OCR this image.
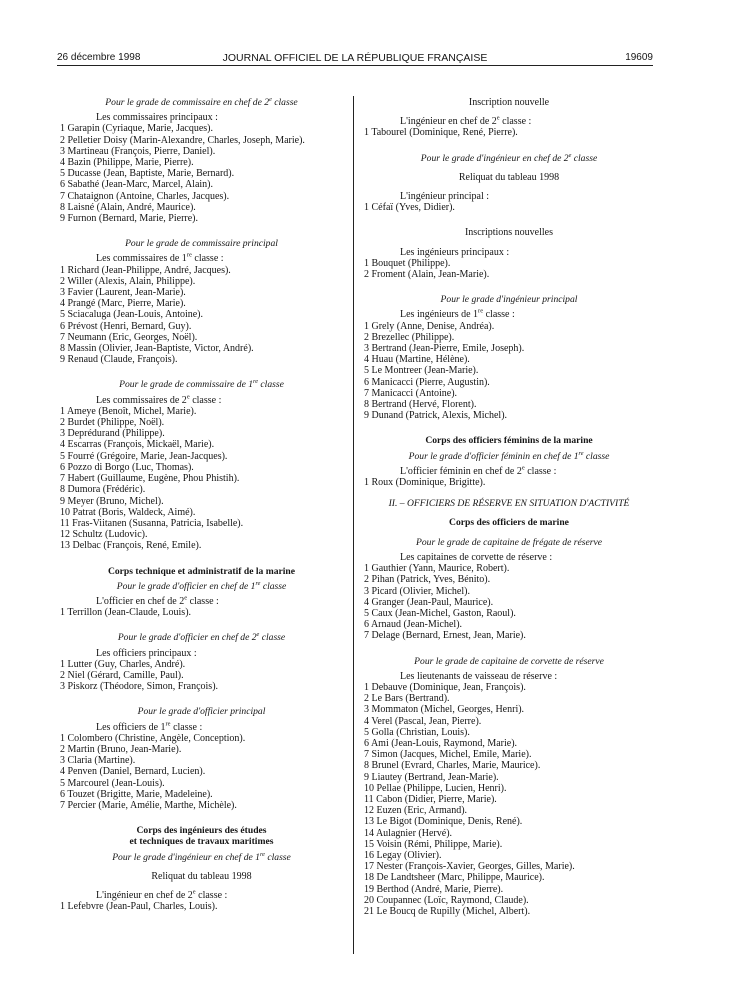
26 décembre 1998	JOURNAL OFFICIEL DE LA RÉPUBLIQUE FRANÇAISE	19609

Pour le grade de commissaire en chef de 2e classe

Les commissaires principaux :

1 Garapin (Cyriaque, Marie, Jacques).

2 Pelletier Doisy (Marin-Alexandre, Charles, Joseph, Marie).

3 Martineau (François, Pierre, Daniel).

4 Bazin (Philippe, Marie, Pierre).

5 Ducasse (Jean, Baptiste, Marie, Bernard).

6 Sabathé (Jean-Marc, Marcel, Alain).

7 Chataignon (Antoine, Charles, Jacques).

8 Laisné (Alain, André, Maurice).

9 Furnon (Bernard, Marie, Pierre).

Pour le grade de commissaire principal

Les commissaires de 1re classe :

1 Richard (Jean-Philippe, André, Jacques).

2 Willer (Alexis, Alain, Philippe).

3 Favier (Laurent, Jean-Marie).

4 Prangé (Marc, Pierre, Marie).

5 Sciacaluga (Jean-Louis, Antoine).

6 Prévost (Henri, Bernard, Guy).

7 Neumann (Eric, Georges, Noël).

8 Massin (Olivier, Jean-Baptiste, Victor, André).

9 Renaud (Claude, François).

Pour le grade de commissaire de 1re classe

Les commissaires de 2e classe :

1 Ameye (Benoît, Michel, Marie).

2 Burdet (Philippe, Noël).

3 Deprédurand (Philippe).

4 Escarras (François, Mickaël, Marie).

5 Fourré (Grégoire, Marie, Jean-Jacques).

6 Pozzo di Borgo (Luc, Thomas).

7 Habert (Guillaume, Eugène, Phou Phistih).

8 Dumora (Frédéric).

9 Meyer (Bruno, Michel).

10 Patrat (Boris, Waldeck, Aimé).

11 Fras-Viitanen (Susanna, Patricia, Isabelle).

12 Schultz (Ludovic).

13 Delbac (François, René, Emile).

Corps technique et administratif de la marine

Pour le grade d'officier en chef de 1re classe

L'officier en chef de 2e classe :

1 Terrillon (Jean-Claude, Louis).

Pour le grade d'officier en chef de 2e classe

Les officiers principaux :

1 Lutter (Guy, Charles, André).

2 Niel (Gérard, Camille, Paul).

3 Piskorz (Théodore, Simon, François).

Pour le grade d'officier principal

Les officiers de 1re classe :

1 Colombero (Christine, Angèle, Conception).

2 Martin (Bruno, Jean-Marie).

3 Claria (Martine).

4 Penven (Daniel, Bernard, Lucien).

5 Marcourel (Jean-Louis).

6 Touzet (Brigitte, Marie, Madeleine).

7 Percier (Marie, Amélie, Marthe, Michèle).

Corps des ingénieurs des études

et techniques de travaux maritimes

Pour le grade d'ingénieur en chef de 1re classe

Reliquat du tableau 1998

L'ingénieur en chef de 2e classe :

1 Lefebvre (Jean-Paul, Charles, Louis).

Inscription nouvelle

L'ingénieur en chef de 2e classe :

1 Tabourel (Dominique, René, Pierre).

Pour le grade d'ingénieur en chef de 2e classe

Reliquat du tableau 1998

L'ingénieur principal :

1 Céfaï (Yves, Didier).

Inscriptions nouvelles

Les ingénieurs principaux :

1 Bouquet (Philippe).

2 Froment (Alain, Jean-Marie).

Pour le grade d'ingénieur principal

Les ingénieurs de 1re classe :

1 Grely (Anne, Denise, Andréa).

2 Brezellec (Philippe).

3 Bertrand (Jean-Pierre, Emile, Joseph).

4 Huau (Martine, Hélène).

5 Le Montreer (Jean-Marie).

6 Manicacci (Pierre, Augustin).

7 Manicacci (Antoine).

8 Bertrand (Hervé, Florent).

9 Dunand (Patrick, Alexis, Michel).

Corps des officiers féminins de la marine

Pour le grade d'officier féminin en chef de 1re classe

L'officier féminin en chef de 2e classe :

1 Roux (Dominique, Brigitte).

II. – OFFICIERS DE RÉSERVE EN SITUATION D'ACTIVITÉ

Corps des officiers de marine

Pour le grade de capitaine de frégate de réserve

Les capitaines de corvette de réserve :

1 Gauthier (Yann, Maurice, Robert).

2 Pihan (Patrick, Yves, Bénito).

3 Picard (Olivier, Michel).

4 Granger (Jean-Paul, Maurice).

5 Caux (Jean-Michel, Gaston, Raoul).

6 Arnaud (Jean-Michel).

7 Delage (Bernard, Ernest, Jean, Marie).

Pour le grade de capitaine de corvette de réserve

Les lieutenants de vaisseau de réserve :

1 Debauve (Dominique, Jean, François).

2 Le Bars (Bertrand).

3 Mommaton (Michel, Georges, Henri).

4 Verel (Pascal, Jean, Pierre).

5 Golla (Christian, Louis).

6 Ami (Jean-Louis, Raymond, Marie).

7 Simon (Jacques, Michel, Emile, Marie).

8 Brunel (Evrard, Charles, Marie, Maurice).

9 Liautey (Bertrand, Jean-Marie).

10 Pellae (Philippe, Lucien, Henri).

11 Cabon (Didier, Pierre, Marie).

12 Euzen (Eric, Armand).

13 Le Bigot (Dominique, Denis, René).

14 Aulagnier (Hervé).

15 Voisin (Rémi, Philippe, Marie).

16 Legay (Olivier).

17 Nester (François-Xavier, Georges, Gilles, Marie).

18 De Landtsheer (Marc, Philippe, Maurice).

19 Berthod (André, Marie, Pierre).

20 Coupannec (Loïc, Raymond, Claude).

21 Le Boucq de Rupilly (Michel, Albert).
